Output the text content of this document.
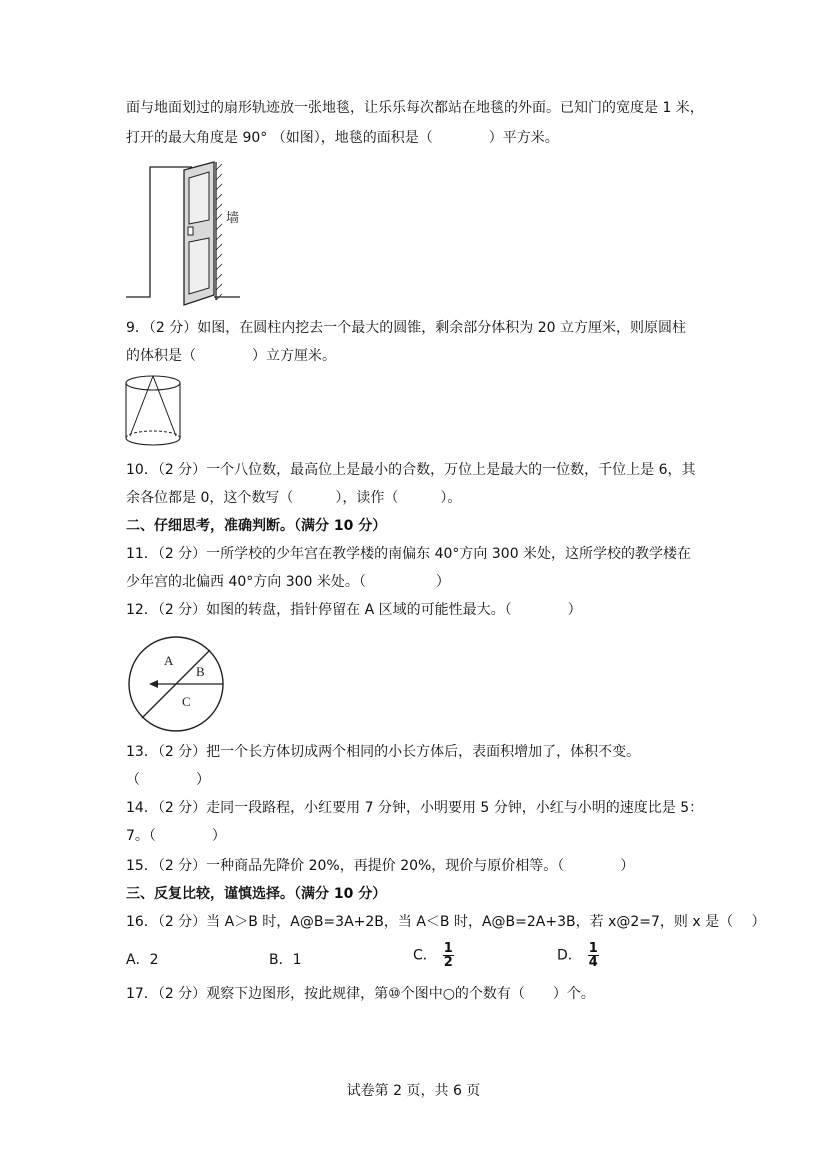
面与地面划过的扇形轨迹放一张地毯，让乐乐每次都站在地毯的外面。已知门的宽度是 1 米，
打开的最大角度是 90° （如图），地毯的面积是（　　　　）平方米。
墙
9．（2 分）如图，在圆柱内挖去一个最大的圆锥，剩余部分体积为 20 立方厘米，则原圆柱
的体积是（　　　　）立方厘米。
10．（2 分）一个八位数，最高位上是最小的合数，万位上是最大的一位数，千位上是 6，其
余各位都是 0，这个数写（　　　），读作（　　　）。
二、仔细思考，准确判断。（满分 10 分）
11．（2 分）一所学校的少年宫在教学楼的南偏东 40°方向 300 米处，这所学校的教学楼在
少年宫的北偏西 40°方向 300 米处。（　　　　　）
12．（2 分）如图的转盘，指针停留在 A 区域的可能性最大。（　　　　）
A
B
C
13．（2 分）把一个长方体切成两个相同的小长方体后，表面积增加了，体积不变。
（　　　　）
14．（2 分）走同一段路程，小红要用 7 分钟，小明要用 5 分钟，小红与小明的速度比是 5：
7。（　　　　）
15．（2 分）一种商品先降价 20%，再提价 20%，现价与原价相等。（　　　　）
三、反复比较，谨慎选择。（满分 10 分）
16．（2 分）当 A＞B 时，A@B=3A+2B，当 A＜B 时，A@B=2A+3B，若 x@2=7，则 x 是（　 ）
A．2	B．1	C． $\frac{1}{2}$	D． $\frac{1}{4}$
17．（2 分）观察下边图形，按此规律，第⑩个图中○的个数有（　　）个。
试卷第 2 页，共 6 页
